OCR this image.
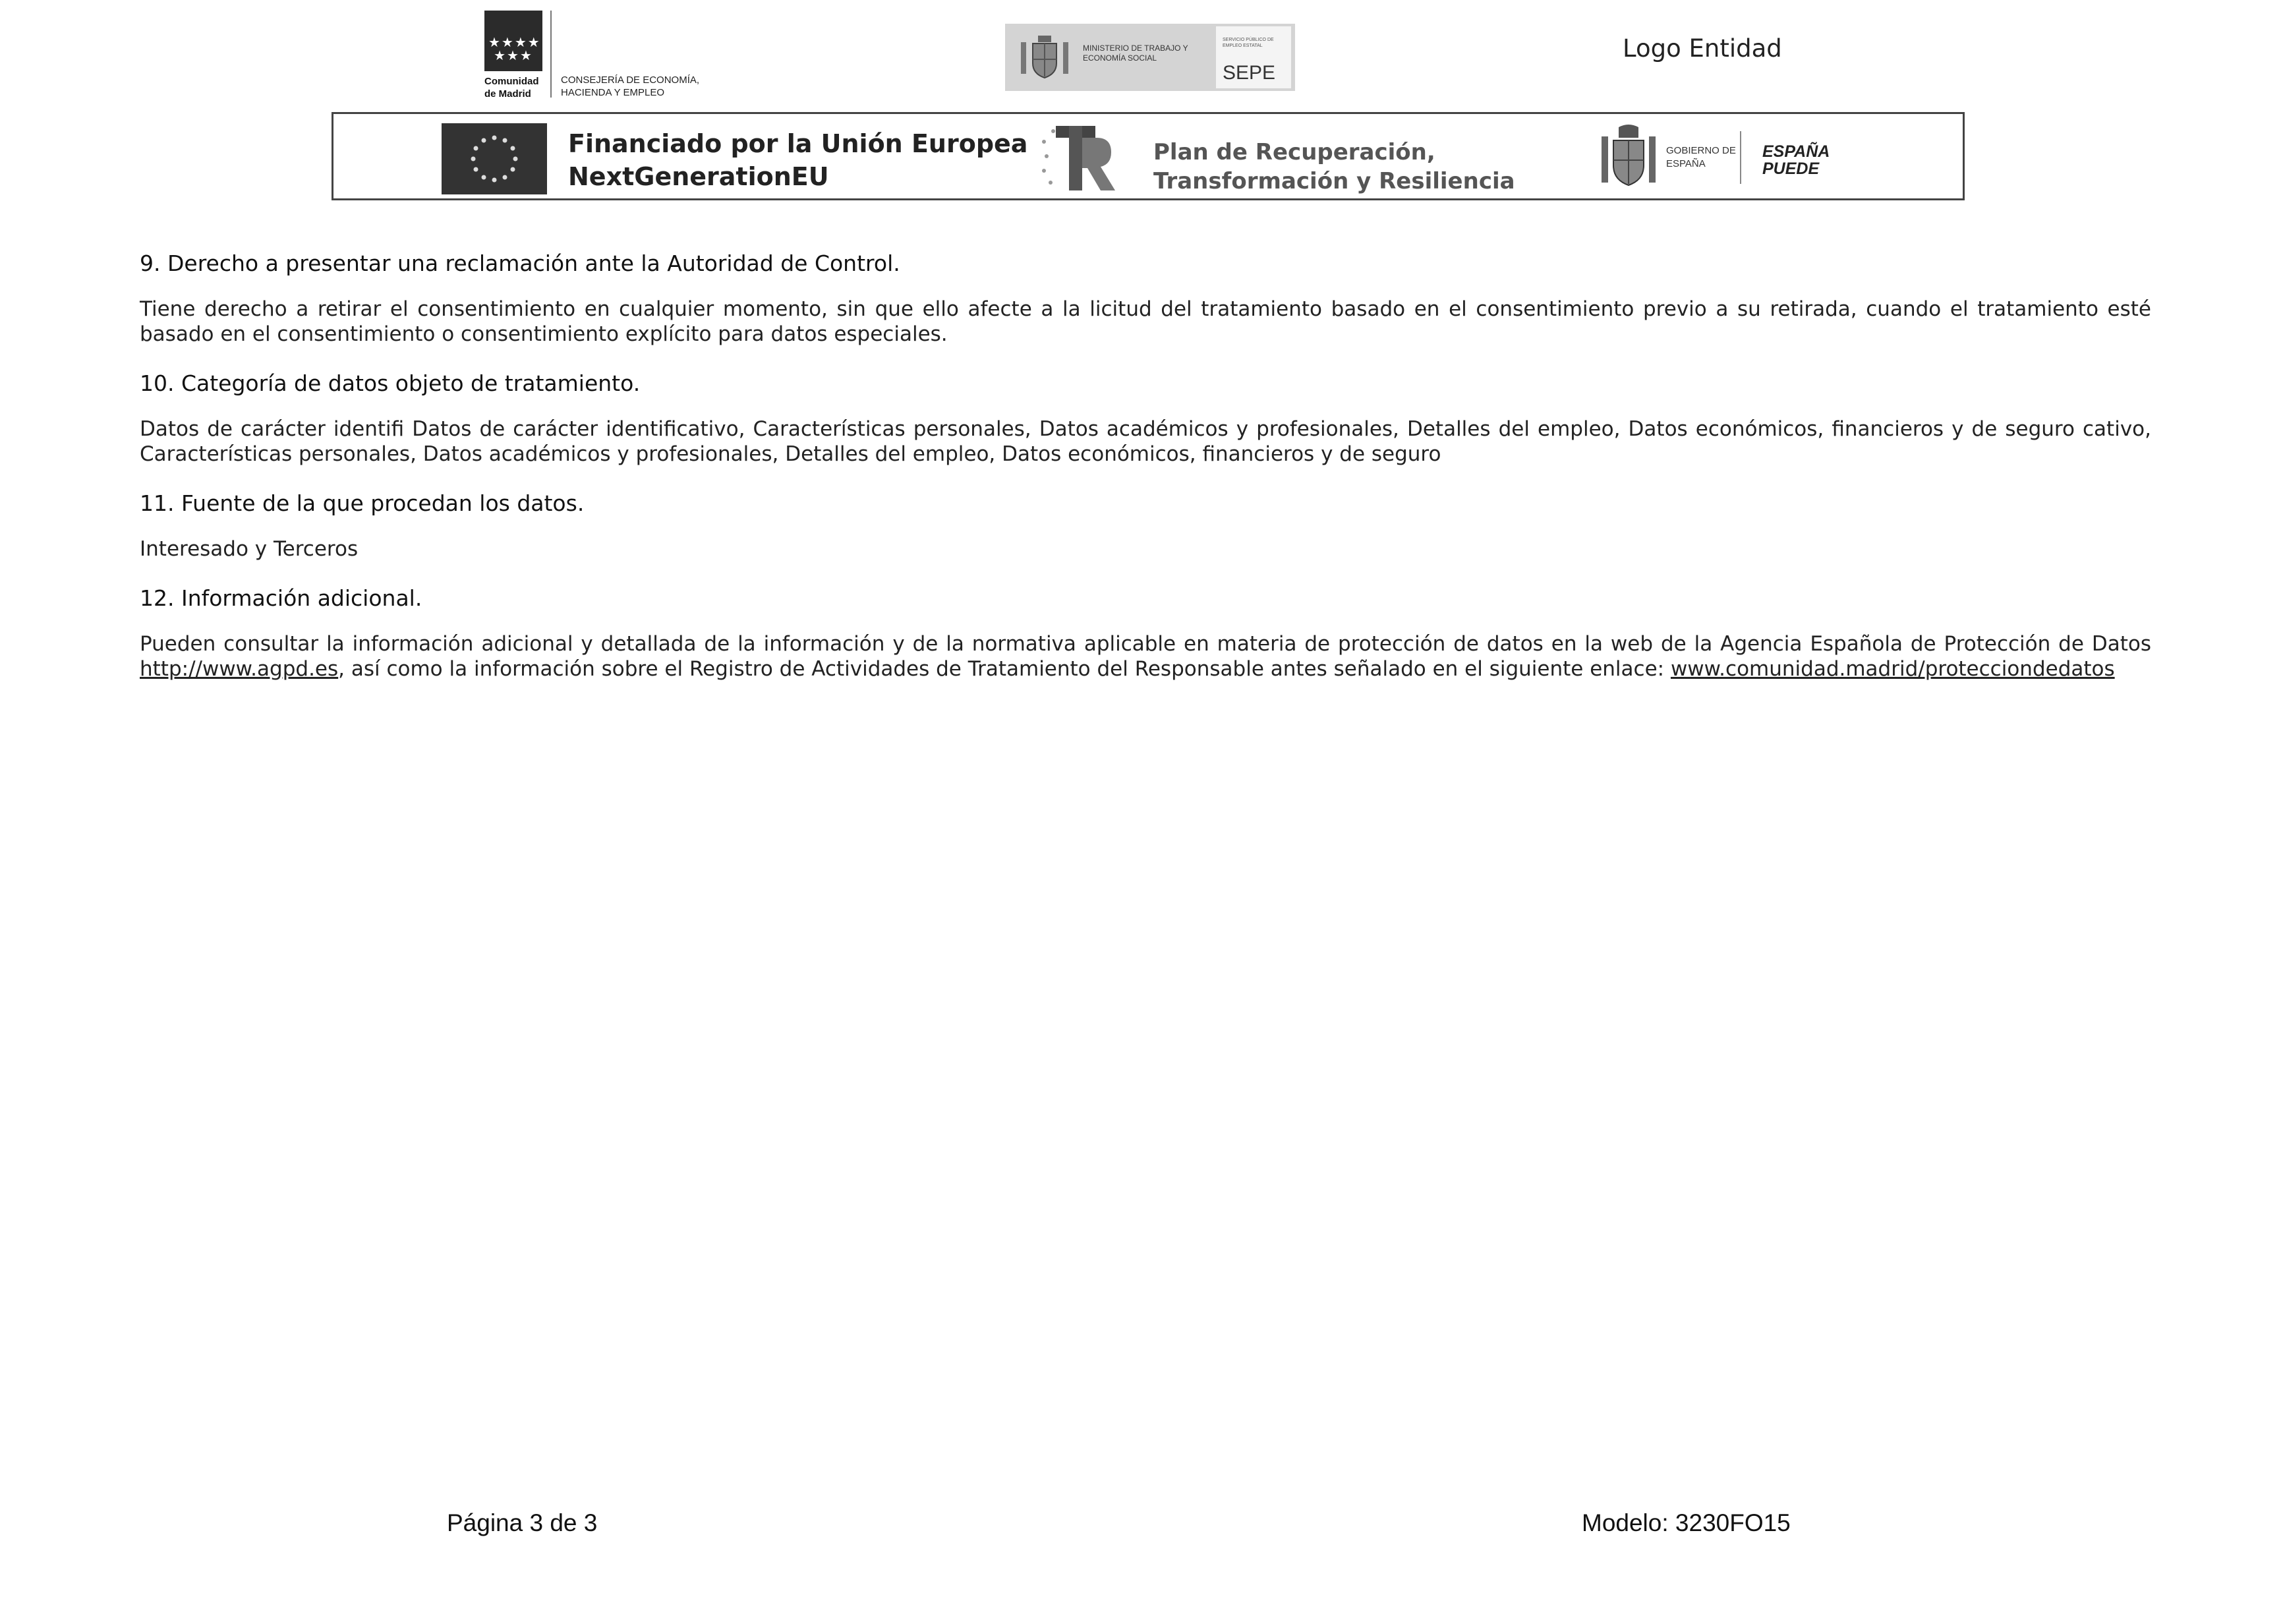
★★★★
★★★
Comunidad de Madrid
CONSEJERÍA DE ECONOMÍA, HACIENDA Y EMPLEO
MINISTERIO DE TRABAJO Y ECONOMÍA SOCIAL
SERVICIO PÚBLICO DE EMPLEO ESTATAL
SEPE
Logo Entidad
Financiado por la Unión Europea
NextGenerationEU
Plan de Recuperación,
Transformación y Resiliencia
GOBIERNO DE ESPAÑA
ESPAÑA
PUEDE
9. Derecho a presentar una reclamación ante la Autoridad de Control.
Tiene derecho a retirar el consentimiento en cualquier momento, sin que ello afecte a la licitud del tratamiento basado en el consentimiento previo a su retirada, cuando el tratamiento esté basado en el consentimiento o consentimiento explícito para datos especiales.
10. Categoría de datos objeto de tratamiento.
Datos de carácter identifi Datos de carácter identificativo, Características personales, Datos académicos y profesionales, Detalles del empleo, Datos económicos, financieros y de seguro cativo, Características personales, Datos académicos y profesionales, Detalles del empleo, Datos económicos, financieros y de seguro
11. Fuente de la que procedan los datos.
Interesado y Terceros
12. Información adicional.
Pueden consultar la información adicional y detallada de la información y de la normativa aplicable en materia de protección de datos en la web de la Agencia Española de Protección de Datos http://www.agpd.es, así como la información sobre el Registro de Actividades de Tratamiento del Responsable antes señalado en el siguiente enlace: www.comunidad.madrid/protecciondedatos
Página 3 de 3	Modelo: 3230FO15
